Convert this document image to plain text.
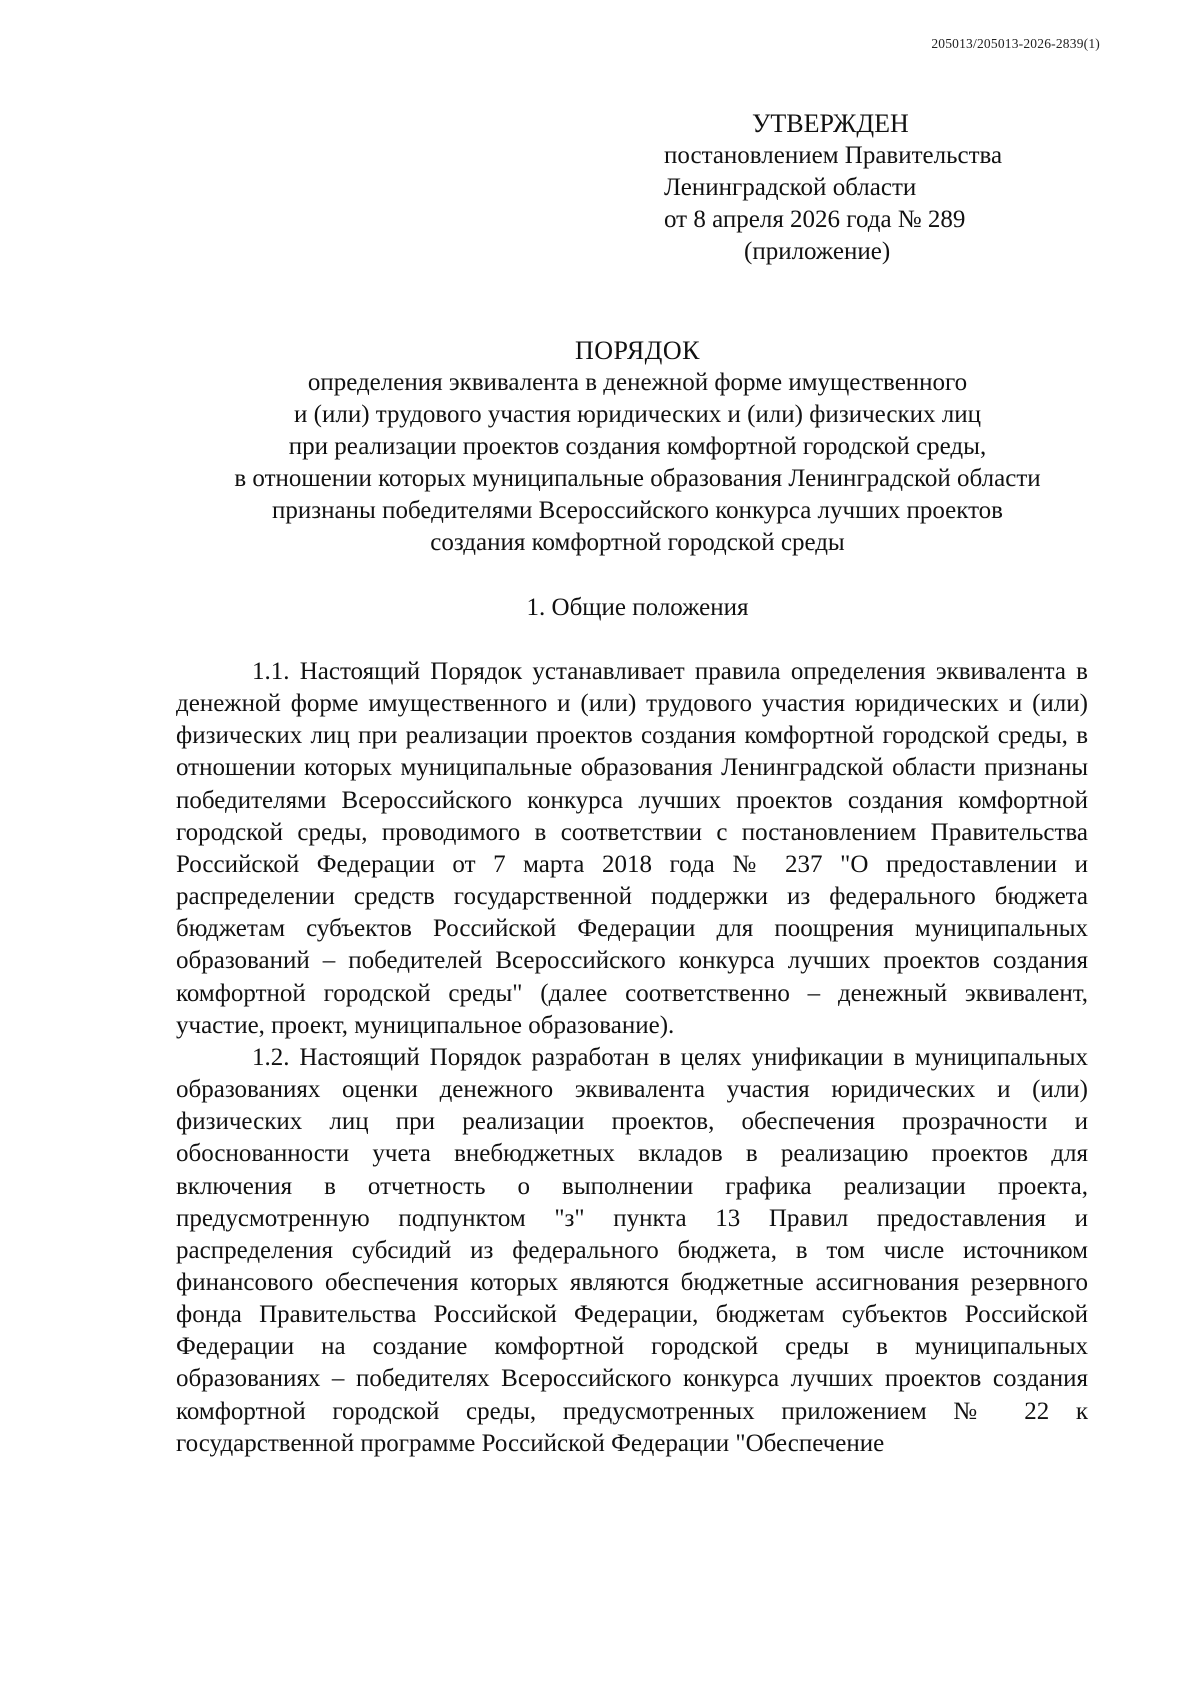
205013/205013-2026-2839(1)
УТВЕРЖДЕН
постановлением Правительства
Ленинградской области
от 8 апреля 2026 года № 289
(приложение)
ПОРЯДОК
определения эквивалента в денежной форме имущественного
и (или) трудового участия юридических и (или) физических лиц
при реализации проектов создания комфортной городской среды,
в отношении которых муниципальные образования Ленинградской области
признаны победителями Всероссийского конкурса лучших проектов
создания комфортной городской среды
1. Общие положения

1.1. Настоящий Порядок устанавливает правила определения эквивалента в денежной форме имущественного и (или) трудового участия юридических и (или) физических лиц при реализации проектов создания комфортной городской среды, в отношении которых муниципальные образования Ленинградской области признаны победителями Всероссийского конкурса лучших проектов создания комфортной городской среды, проводимого в соответствии с постановлением Правительства Российской Федерации от 7 марта 2018 года № 237 "О предоставлении и распределении средств государственной поддержки из федерального бюджета бюджетам субъектов Российской Федерации для поощрения муниципальных образований – победителей Всероссийского конкурса лучших проектов создания комфортной городской среды" (далее соответственно – денежный эквивалент, участие, проект, муниципальное образование).

1.2. Настоящий Порядок разработан в целях унификации в муниципальных образованиях оценки денежного эквивалента участия юридических и (или) физических лиц при реализации проектов, обеспечения прозрачности и обоснованности учета внебюджетных вкладов в реализацию проектов для включения в отчетность о выполнении графика реализации проекта, предусмотренную подпунктом "з" пункта 13 Правил предоставления и распределения субсидий из федерального бюджета, в том числе источником финансового обеспечения которых являются бюджетные ассигнования резервного фонда Правительства Российской Федерации, бюджетам субъектов Российской Федерации на создание комфортной городской среды в муниципальных образованиях – победителях Всероссийского конкурса лучших проектов создания комфортной городской среды, предусмотренных приложением № 22 к государственной программе Российской Федерации "Обеспечение
